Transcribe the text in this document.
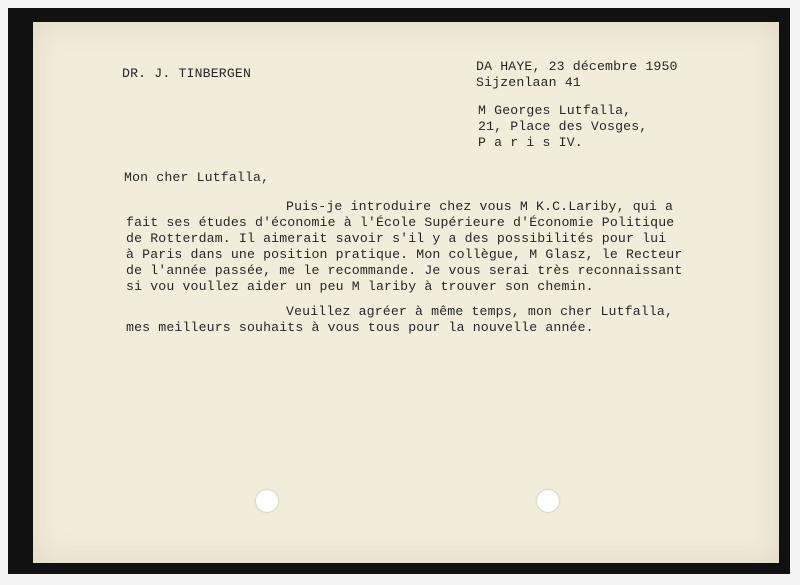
DR. J. TINBERGEN	DA HAYE, 23 décembre 1950
Sijzenlaan 41
M Georges Lutfalla,
21, Place des Vosges,
P a r i s IV.
Mon cher Lutfalla,
Puis-je introduire chez vous M K.C.Lariby, qui a
fait ses études d'économie à l'École Supérieure d'Économie Politique
de Rotterdam. Il aimerait savoir s'il y a des possibilités pour lui
à Paris dans une position pratique. Mon collègue, M Glasz, le Recteur
de l'année passée, me le recommande. Je vous serai très reconnaissant
si vou voullez aider un peu M lariby à trouver son chemin.
Veuillez agréer à même temps, mon cher Lutfalla,
mes meilleurs souhaits à vous tous pour la nouvelle année.
